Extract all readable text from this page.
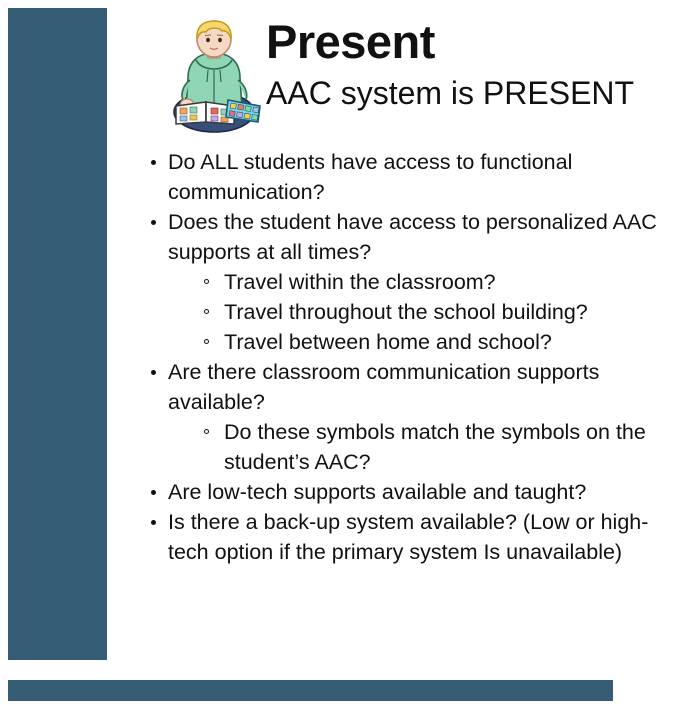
Present
AAC system is PRESENT
Do ALL students have access to functional communication?
Does the student have access to personalized AAC supports at all times?
Travel within the classroom?
Travel throughout the school building?
Travel between home and school?
Are there classroom communication supports available?
Do these symbols match the symbols on the student’s AAC?
Are low-tech supports available and taught?
Is there a back-up system available? (Low or high-tech option if the primary system Is unavailable)
